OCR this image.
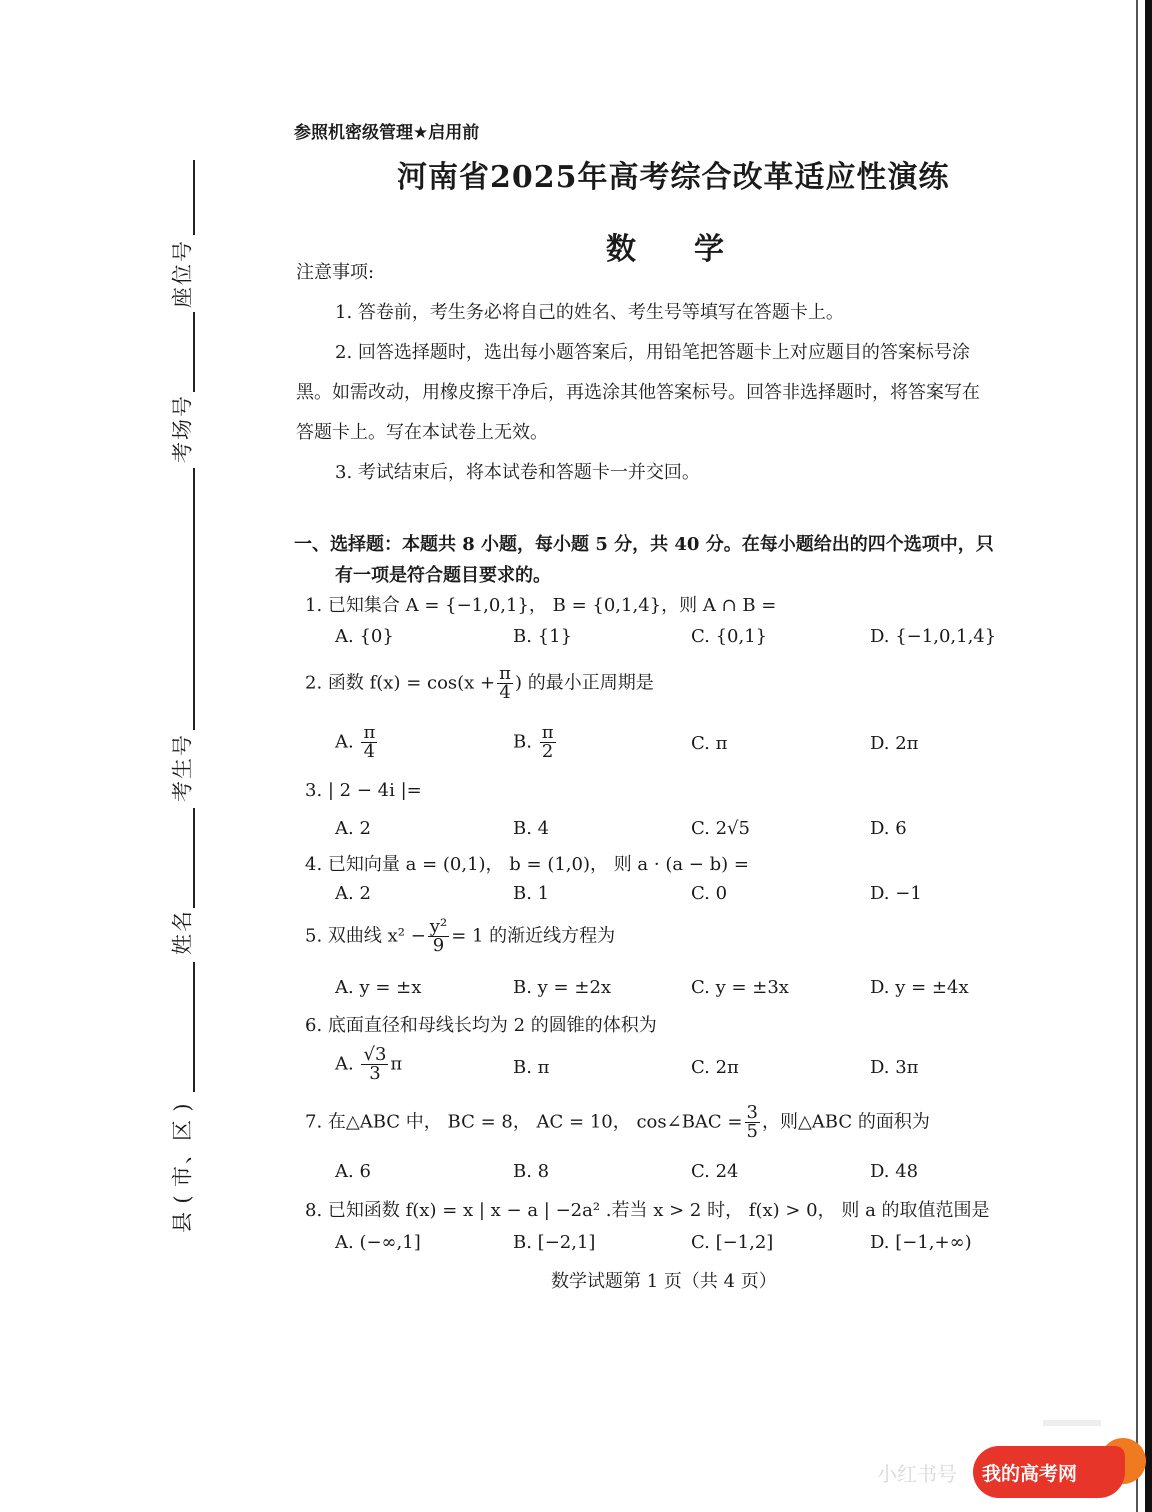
号
位
座
号
场
考
号
生
考
名
姓
)
区
、
市
(
县
参照机密级管理★启用前
河南省2025年高考综合改革适应性演练
数学
注意事项:
1. 答卷前，考生务必将自己的姓名、考生号等填写在答题卡上。
2. 回答选择题时，选出每小题答案后，用铅笔把答题卡上对应题目的答案标号涂
黑。如需改动，用橡皮擦干净后，再选涂其他答案标号。回答非选择题时，将答案写在
答题卡上。写在本试卷上无效。
3. 考试结束后，将本试卷和答题卡一并交回。
一、选择题：本题共 8 小题，每小题 5 分，共 40 分。在每小题给出的四个选项中，只
有一项是符合题目要求的。
1. 已知集合 A = {−1,0,1}， B = {0,1,4}，则 A ∩ B =
A. {0}	B. {1}	C. {0,1}	D. {−1,0,1,4}
2. 函数 $f(x) = \cos(x + \frac{\pi}{4}$ ) 的最小正周期是
A. $\frac{\pi}{4}$	B. $\frac{\pi}{2}$	C. π	D. 2π
3. | 2 − 4i |=
A. 2	B. 4	C. 2√5	D. 6
4. 已知向量 a = (0,1)， b = (1,0)， 则 a · (a − b) =
A. 2	B. 1	C. 0	D. −1
5. 双曲线 $x^2 - \frac{\text{y²}}{9} = 1$ 的渐近线方程为
A. y = ±x	B. y = ±2x	C. y = ±3x	D. y = ±4x
6. 底面直径和母线长均为 2 的圆锥的体积为
A. $\frac{√3}{3}$ π	B. π	C. 2π	D. 3π
7. 在△ABC 中， BC = 8， AC = 10， cos∠BAC = $\frac{3}{5}$ ，则△ABC 的面积为
A. 6	B. 8	C. 24	D. 48
8. 已知函数 f(x) = x | x − a | −2a² .若当 x > 2 时， f(x) > 0， 则 a 的取值范围是
A. (−∞,1]	B. [−2,1]	C. [−1,2]	D. [−1,+∞)
数学试题第 1 页（共 4 页）
小红书号 我的高考网
